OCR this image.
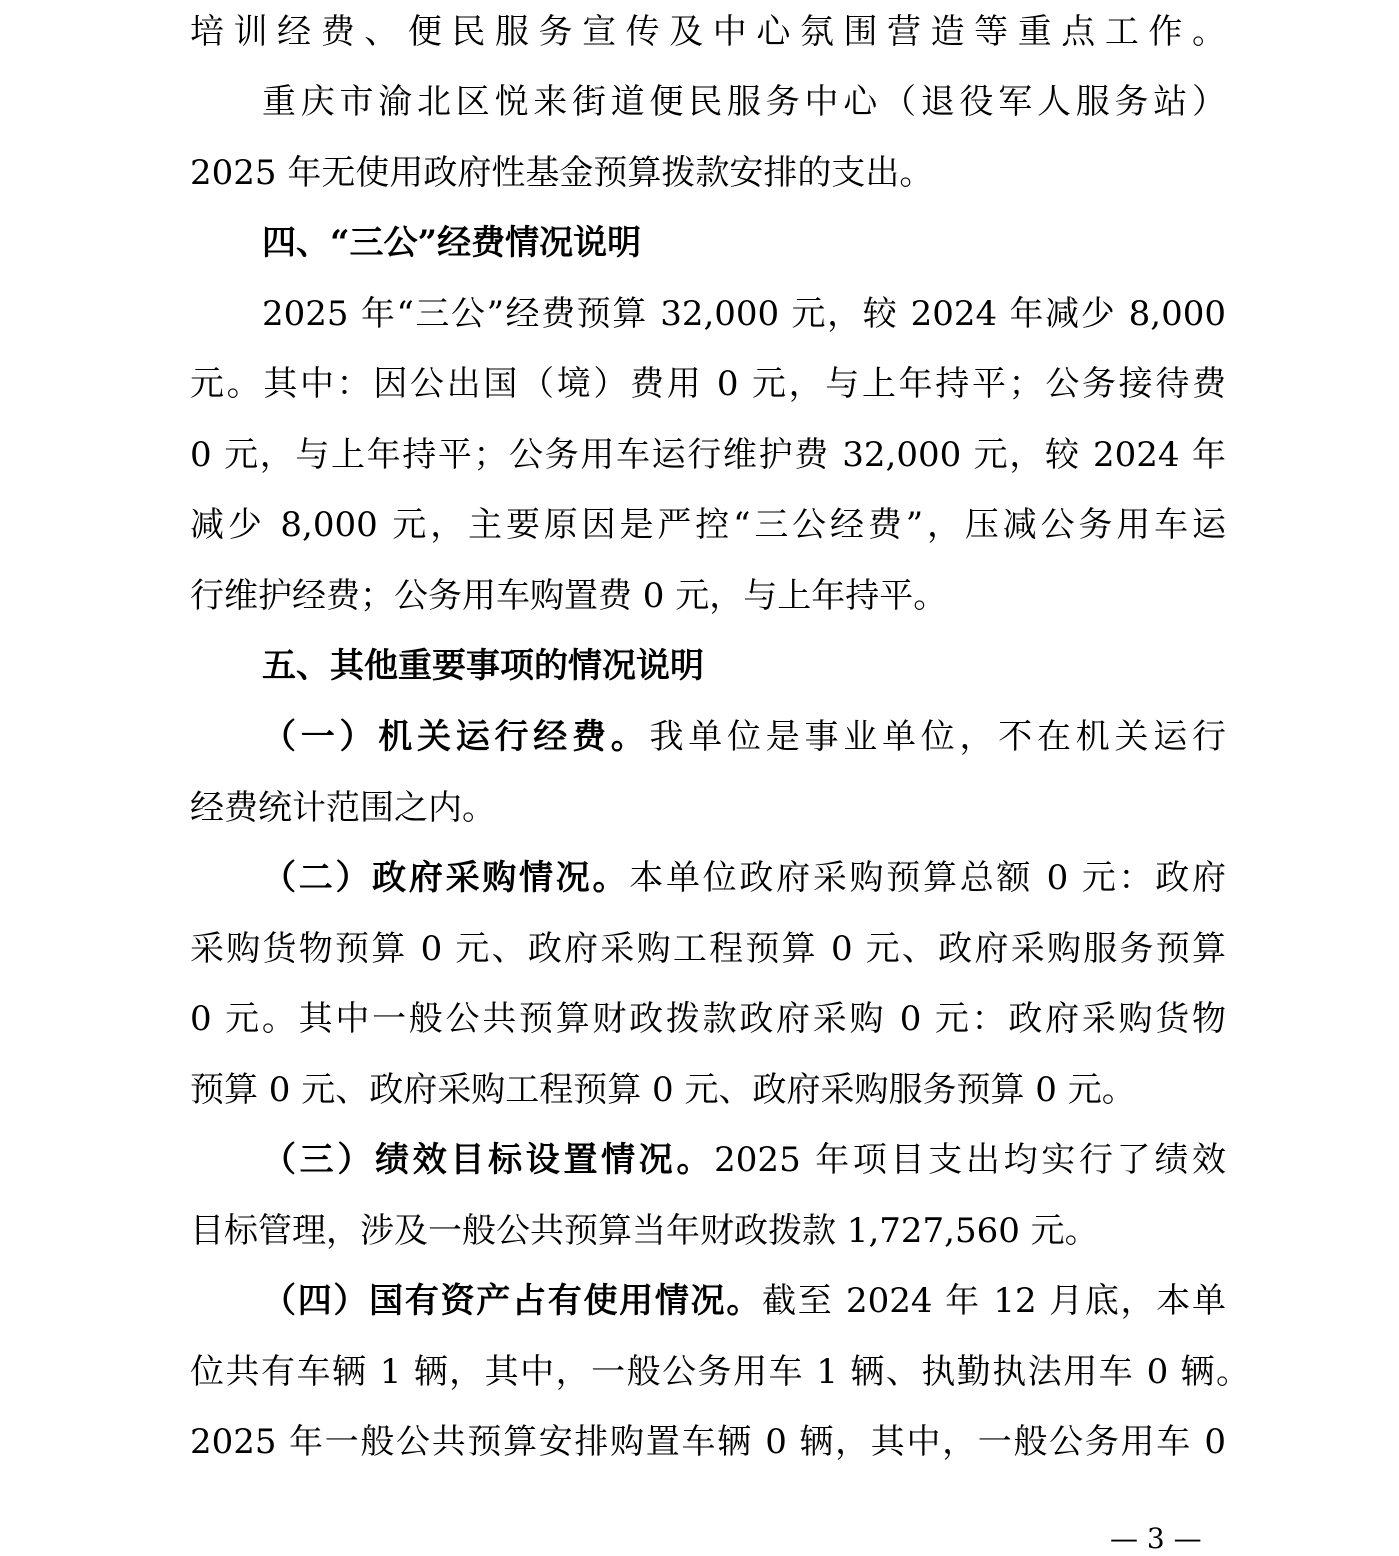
培训经费、便民服务宣传及中心氛围营造等重点工作。
重庆市渝北区悦来街道便民服务中心（退役军人服务站）
2025 年无使用政府性基金预算拨款安排的支出。
四、“三公”经费情况说明
2025 年“三公”经费预算 32,000 元，较 2024 年减少 8,000
元。其中：因公出国（境）费用 0 元，与上年持平；公务接待费
0 元，与上年持平；公务用车运行维护费 32,000 元，较 2024 年
减少 8,000 元，主要原因是严控“三公经费”，压减公务用车运
行维护经费；公务用车购置费 0 元，与上年持平。
五、其他重要事项的情况说明
（一）机关运行经费。我单位是事业单位，不在机关运行
经费统计范围之内。
（二）政府采购情况。本单位政府采购预算总额 0 元：政府
采购货物预算 0 元、政府采购工程预算 0 元、政府采购服务预算
0 元。其中一般公共预算财政拨款政府采购 0 元：政府采购货物
预算 0 元、政府采购工程预算 0 元、政府采购服务预算 0 元。
（三）绩效目标设置情况。2025 年项目支出均实行了绩效
目标管理，涉及一般公共预算当年财政拨款 1,727,560 元。
（四）国有资产占有使用情况。截至 2024 年 12 月底，本单
位共有车辆 1 辆，其中，一般公务用车 1 辆、执勤执法用车 0 辆。
2025 年一般公共预算安排购置车辆 0 辆，其中，一般公务用车 0
— 3 —
